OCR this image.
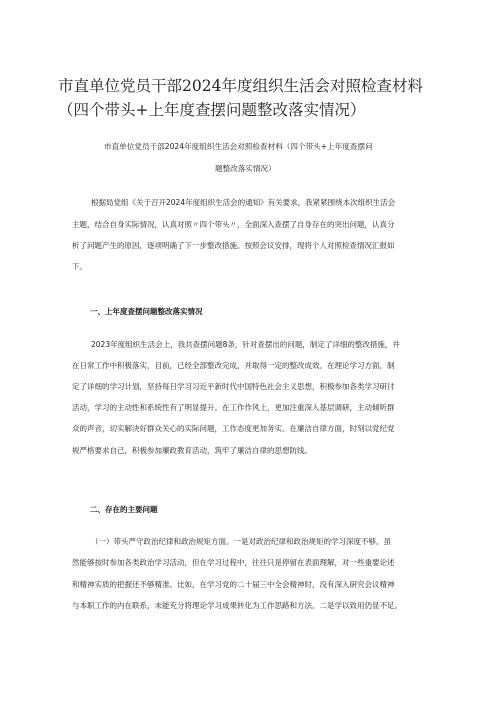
市直单位党员干部2024年度组织生活会对照检查材料
（四个带头+上年度查摆问题整改落实情况）
市直单位党员干部2024年度组织生活会对照检查材料（四个带头+上年度查摆问
题整改落实情况）
根据局党组《关于召开2024年度组织生活会的通知》有关要求，我紧紧围绕本次组织生活会
主题，结合自身实际情况，认真对照〃四个带头〃，全面深入查摆了自身存在的突出问题，认真分
析了问题产生的原因，逐项明确了下一步整改措施。按照会议安排，现将个人对照检查情况汇报如
下。
一、上年度查摆问题整改落实情况
2023年度组织生活会上，我共查摆问题8条，针对查摆出的问题，制定了详细的整改措施，并
在日常工作中积极落实，目前，已经全部整改完成，并取得一定的整改成效。在理论学习方面，制
定了详细的学习计划，坚持每日学习习近平新时代中国特色社会主义思想，积极参加各类学习研讨
活动，学习的主动性和系统性有了明显提升。在工作作风上，更加注重深入基层调研，主动倾听群
众的声音，切实解决好群众关心的实际问题，工作态度更加务实。在廉洁自律方面，时刻以党纪党
规严格要求自己，积极参加廉政教育活动，筑牢了廉洁自律的思想防线。
二、存在的主要问题
（一）带头严守政治纪律和政治规矩方面。一是对政治纪律和政治规矩的学习深度不够。虽
然能够按时参加各类政治学习活动，但在学习过程中，往往只是停留在表面理解，对一些重要论述
和精神实质的把握还不够精准。比如，在学习党的二十届三中全会精神时，没有深入研究会议精神
与本职工作的内在联系，未能充分将理论学习成果转化为工作思路和方法。二是学以致用仍显不足。
